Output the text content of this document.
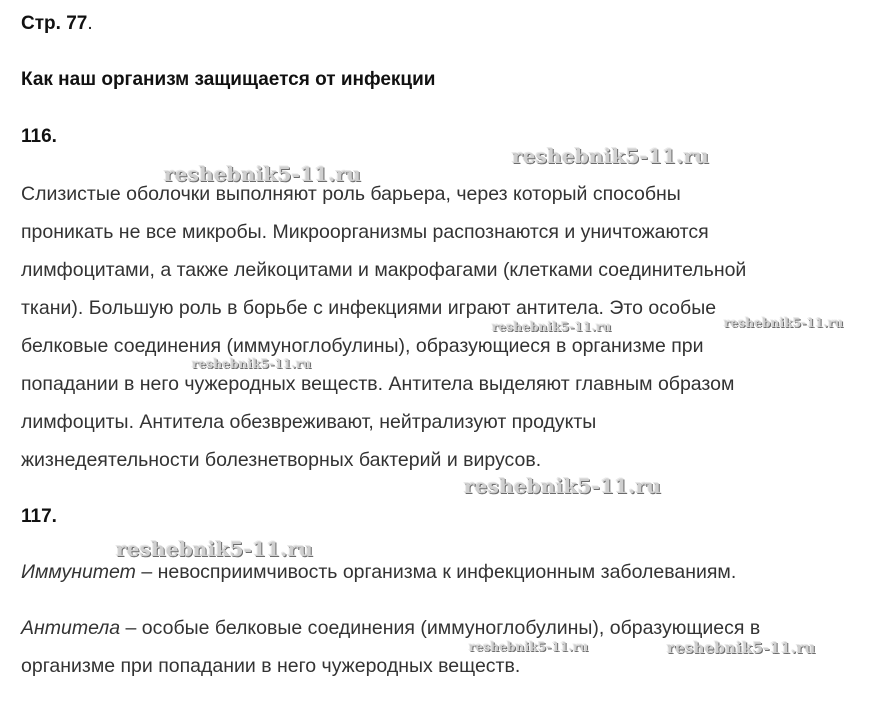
Стр. 77.
Как наш организм защищается от инфекции
116.
Слизистые оболочки выполняют роль барьера, через который способны
проникать не все микробы. Микроорганизмы распознаются и уничтожаются
лимфоцитами, а также лейкоцитами и макрофагами (клетками соединительной
ткани). Большую роль в борьбе с инфекциями играют антитела. Это особые
белковые соединения (иммуноглобулины), образующиеся в организме при
попадании в него чужеродных веществ. Антитела выделяют главным образом
лимфоциты. Антитела обезвреживают, нейтрализуют продукты
жизнедеятельности болезнетворных бактерий и вирусов.
117.
Иммунитет – невосприимчивость организма к инфекционным заболеваниям.
Антитела – особые белковые соединения (иммуноглобулины), образующиеся в
организме при попадании в него чужеродных веществ.
reshebnik5-11.ru
reshebnik5-11.ru
reshebnik5-11.ru	reshebnik5-11.ru
reshebnik5-11.ru
reshebnik5-11.ru
reshebnik5-11.ru
reshebnik5-11.ru	reshebnik5-11.ru
